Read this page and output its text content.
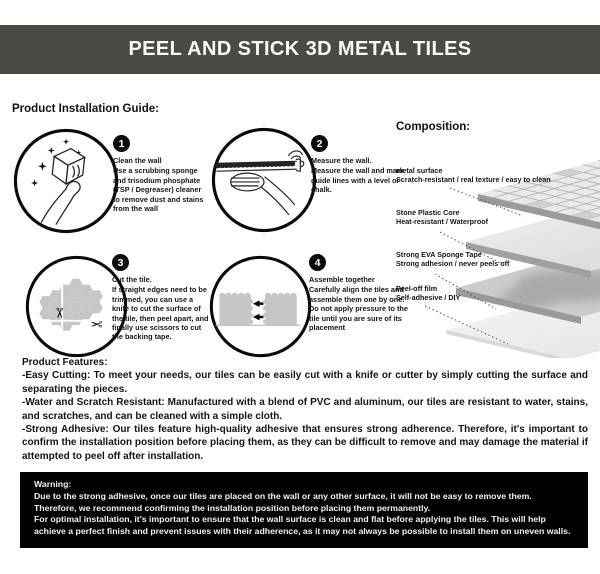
PEEL AND STICK 3D METAL TILES
Product Installation Guide:
1
Clean the wall
Use a scrubbing sponge and trisodium phosphate (TSP / Degreaser) cleaner to remove dust and stains from the wall
2
Measure the wall.
Measure the wall and mark guide lines with a level or chalk.
✂
✂
3
Cut the tile.
If straight edges need to be trimmed, you can use a knife to cut the surface of the tile, then peel apart, and finally use scissors to cut the backing tape.
4
Assemble together
Carefully align the tiles and assemble them one by one. Do not apply pressure to the tile until you are sure of its placement
Composition:
metal surface
Scratch-resistant / real texture / easy to clean
Stone Plastic Core
Heat-resistant / Waterproof
Strong EVA Sponge Tape
Strong adhesion / never peels off
Peel-off film
Self-adhesive / DIY
Product Features:

-Easy Cutting: To meet your needs, our tiles can be easily cut with a knife or cutter by simply cutting the surface and separating the pieces.

-Water and Scratch Resistant: Manufactured with a blend of PVC and aluminum, our tiles are resistant to water, stains, and scratches, and can be cleaned with a simple cloth.

-Strong Adhesive: Our tiles feature high-quality adhesive that ensures strong adherence. Therefore, it's important to confirm the installation position before placing them, as they can be difficult to remove and may damage the material if attempted to peel off after installation.

Warning:

Due to the strong adhesive, once our tiles are placed on the wall or any other surface, it will not be easy to remove them. Therefore, we recommend confirming the installation position before placing them permanently.

For optimal installation, it's important to ensure that the wall surface is clean and flat before applying the tiles. This will help achieve a perfect finish and prevent issues with their adherence, as it may not always be possible to install them on uneven walls.
